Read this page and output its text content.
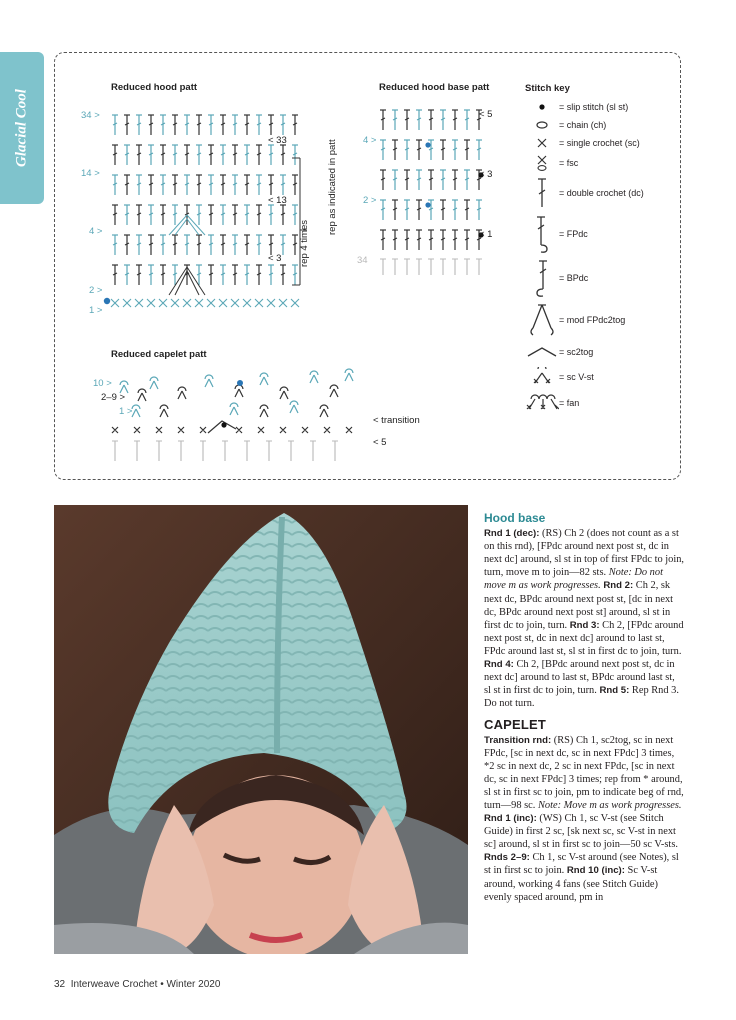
Glacial Cool
Reduced hood patt
34 >
14 >
4 >
2 >
1 >
< 33
< 13
< 3 rep 4 times
rep as indicated in patt
Reduced hood base patt
4 >
2 >
34
< 5
< 3
< 1
Reduced capelet patt
10 >
2–9 >
1 >
< transition
< 5
Stitch key
= slip stitch (sl st)
= chain (ch)
= single crochet (sc)
= fsc
= double crochet (dc)
= FPdc
= BPdc
= mod FPdc2tog
= sc2tog
= sc V-st
= fan
Hood base

Rnd 1 (dec): (RS) Ch 2 (does not count as a st on this rnd), [FPdc around next post st, dc in next dc] around, sl st in top of first FPdc to join, turn, move m to join—82 sts. Note: Do not move m as work progresses. Rnd 2: Ch 2, sk next dc, BPdc around next post st, [dc in next dc, BPdc around next post st] around, sl st in first dc to join, turn. Rnd 3: Ch 2, [FPdc around next post st, dc in next dc] around to last st, FPdc around last st, sl st in first dc to join, turn. Rnd 4: Ch 2, [BPdc around next post st, dc in next dc] around to last st, BPdc around last st, sl st in first dc to join, turn. Rnd 5: Rep Rnd 3. Do not turn.

CAPELET

Transition rnd: (RS) Ch 1, sc2tog, sc in next FPdc, [sc in next dc, sc in next FPdc] 3 times, *2 sc in next dc, 2 sc in next FPdc, [sc in next dc, sc in next FPdc] 3 times; rep from * around, sl st in first sc to join, pm to indicate beg of rnd, turn—98 sc. Note: Move m as work progresses. Rnd 1 (inc): (WS) Ch 1, sc V-st (see Stitch Guide) in first 2 sc, [sk next sc, sc V-st in next sc] around, sl st in first sc to join—50 sc V-sts. Rnds 2–9: Ch 1, sc V-st around (see Notes), sl st in first sc to join. Rnd 10 (inc): Sc V-st around, working 4 fans (see Stitch Guide) evenly spaced around, pm in

32 Interweave Crochet • Winter 2020
